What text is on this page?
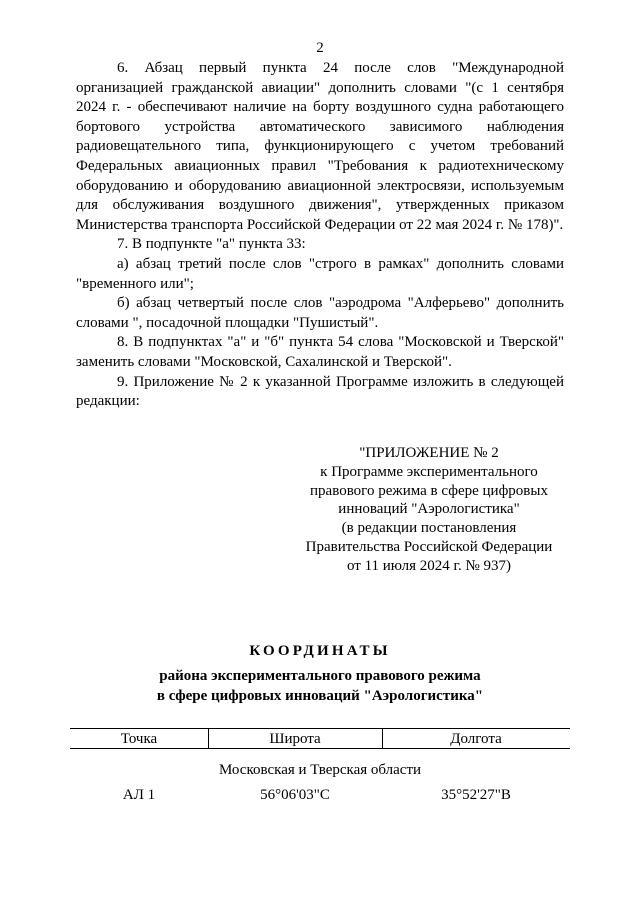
2

6. Абзац первый пункта 24 после слов "Международной организацией гражданской авиации" дополнить словами "(с 1 сентября 2024 г. - обеспечивают наличие на борту воздушного судна работающего бортового устройства автоматического зависимого наблюдения радиовещательного типа, функционирующего с учетом требований Федеральных авиационных правил "Требования к радиотехническому оборудованию и оборудованию авиационной электросвязи, используемым для обслуживания воздушного движения", утвержденных приказом Министерства транспорта Российской Федерации от 22 мая 2024 г. № 178)".

7. В подпункте "а" пункта 33:

а) абзац третий после слов "строго в рамках" дополнить словами "временного или";

б) абзац четвертый после слов "аэродрома "Алферьево" дополнить словами ", посадочной площадки "Пушистый".

8. В подпунктах "а" и "б" пункта 54 слова "Московской и Тверской" заменить словами "Московской, Сахалинской и Тверской".

9. Приложение № 2 к указанной Программе изложить в следующей редакции:

"ПРИЛОЖЕНИЕ № 2
к Программе экспериментального
правового режима в сфере цифровых
инноваций "Аэрологистика"
(в редакции постановления
Правительства Российской Федерации
от 11 июля 2024 г. № 937)
КООРДИНАТЫ
района экспериментального правового режима
в сфере цифровых инноваций "Аэрологистика"
Точка	Широта	Долгота
Московская и Тверская области
АЛ 1	56°06'03"С	35°52'27"В
